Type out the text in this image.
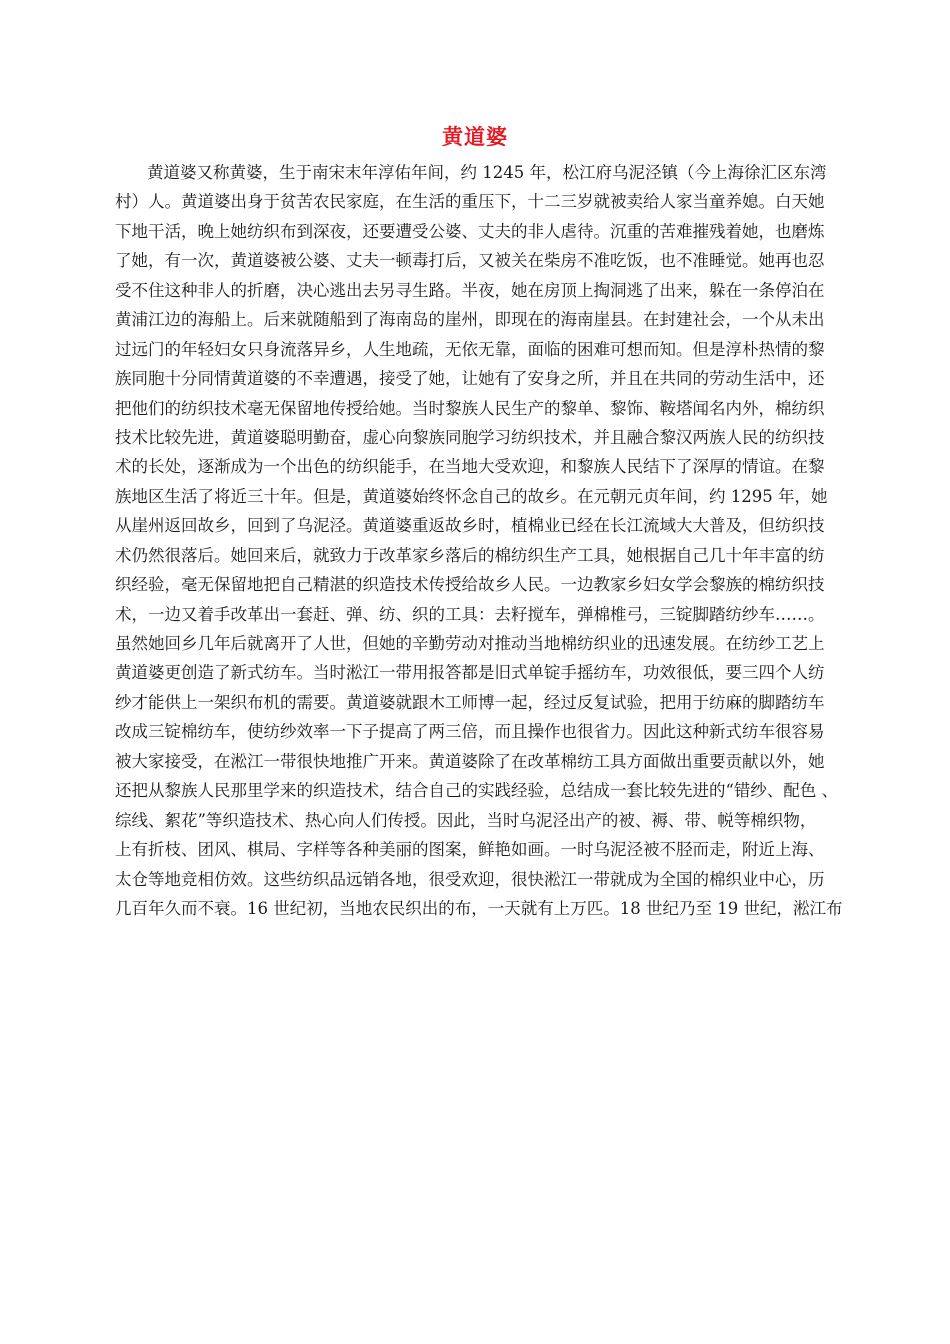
黄道婆
黄道婆又称黄婆，生于南宋末年淳佑年间，约 1245 年，松江府乌泥泾镇（今上海徐汇区东湾
村）人。黄道婆出身于贫苦农民家庭，在生活的重压下，十二三岁就被卖给人家当童养媳。白天她
下地干活，晚上她纺织布到深夜，还要遭受公婆、丈夫的非人虐待。沉重的苦难摧残着她，也磨炼
了她，有一次，黄道婆被公婆、丈夫一顿毒打后，又被关在柴房不准吃饭，也不准睡觉。她再也忍
受不住这种非人的折磨，决心逃出去另寻生路。半夜，她在房顶上掏洞逃了出来，躲在一条停泊在
黄浦江边的海船上。后来就随船到了海南岛的崖州，即现在的海南崖县。在封建社会，一个从未出
过远门的年轻妇女只身流落异乡，人生地疏，无依无靠，面临的困难可想而知。但是淳朴热情的黎
族同胞十分同情黄道婆的不幸遭遇，接受了她，让她有了安身之所，并且在共同的劳动生活中，还
把他们的纺织技术毫无保留地传授给她。当时黎族人民生产的黎单、黎饰、鞍塔闻名内外，棉纺织
技术比较先进，黄道婆聪明勤奋，虚心向黎族同胞学习纺织技术，并且融合黎汉两族人民的纺织技
术的长处，逐渐成为一个出色的纺织能手，在当地大受欢迎，和黎族人民结下了深厚的情谊。在黎
族地区生活了将近三十年。但是，黄道婆始终怀念自己的故乡。在元朝元贞年间，约 1295 年，她
从崖州返回故乡，回到了乌泥泾。黄道婆重返故乡时，植棉业已经在长江流域大大普及，但纺织技
术仍然很落后。她回来后，就致力于改革家乡落后的棉纺织生产工具，她根据自己几十年丰富的纺
织经验，毫无保留地把自己精湛的织造技术传授给故乡人民。一边教家乡妇女学会黎族的棉纺织技
术，一边又着手改革出一套赶、弹、纺、织的工具：去籽搅车，弹棉椎弓，三锭脚踏纺纱车……。
虽然她回乡几年后就离开了人世，但她的辛勤劳动对推动当地棉纺织业的迅速发展。在纺纱工艺上
黄道婆更创造了新式纺车。当时淞江一带用报答都是旧式单锭手摇纺车，功效很低，要三四个人纺
纱才能供上一架织布机的需要。黄道婆就跟木工师博一起，经过反复试验，把用于纺麻的脚踏纺车
改成三锭棉纺车，使纺纱效率一下子提高了两三倍，而且操作也很省力。因此这种新式纺车很容易
被大家接受，在淞江一带很快地推广开来。黄道婆除了在改革棉纺工具方面做出重要贡献以外，她
还把从黎族人民那里学来的织造技术，结合自己的实践经验，总结成一套比较先进的“错纱、配色 、
综线、絮花”等织造技术、热心向人们传授。因此，当时乌泥泾出产的被、褥、带、帨等棉织物，
上有折枝、团风、棋局、字样等各种美丽的图案，鲜艳如画。一时乌泥泾被不胫而走，附近上海、
太仓等地竞相仿效。这些纺织品远销各地，很受欢迎，很快淞江一带就成为全国的棉织业中心，历
几百年久而不衰。16 世纪初，当地农民织出的布，一天就有上万匹。18 世纪乃至 19 世纪，淞江布
